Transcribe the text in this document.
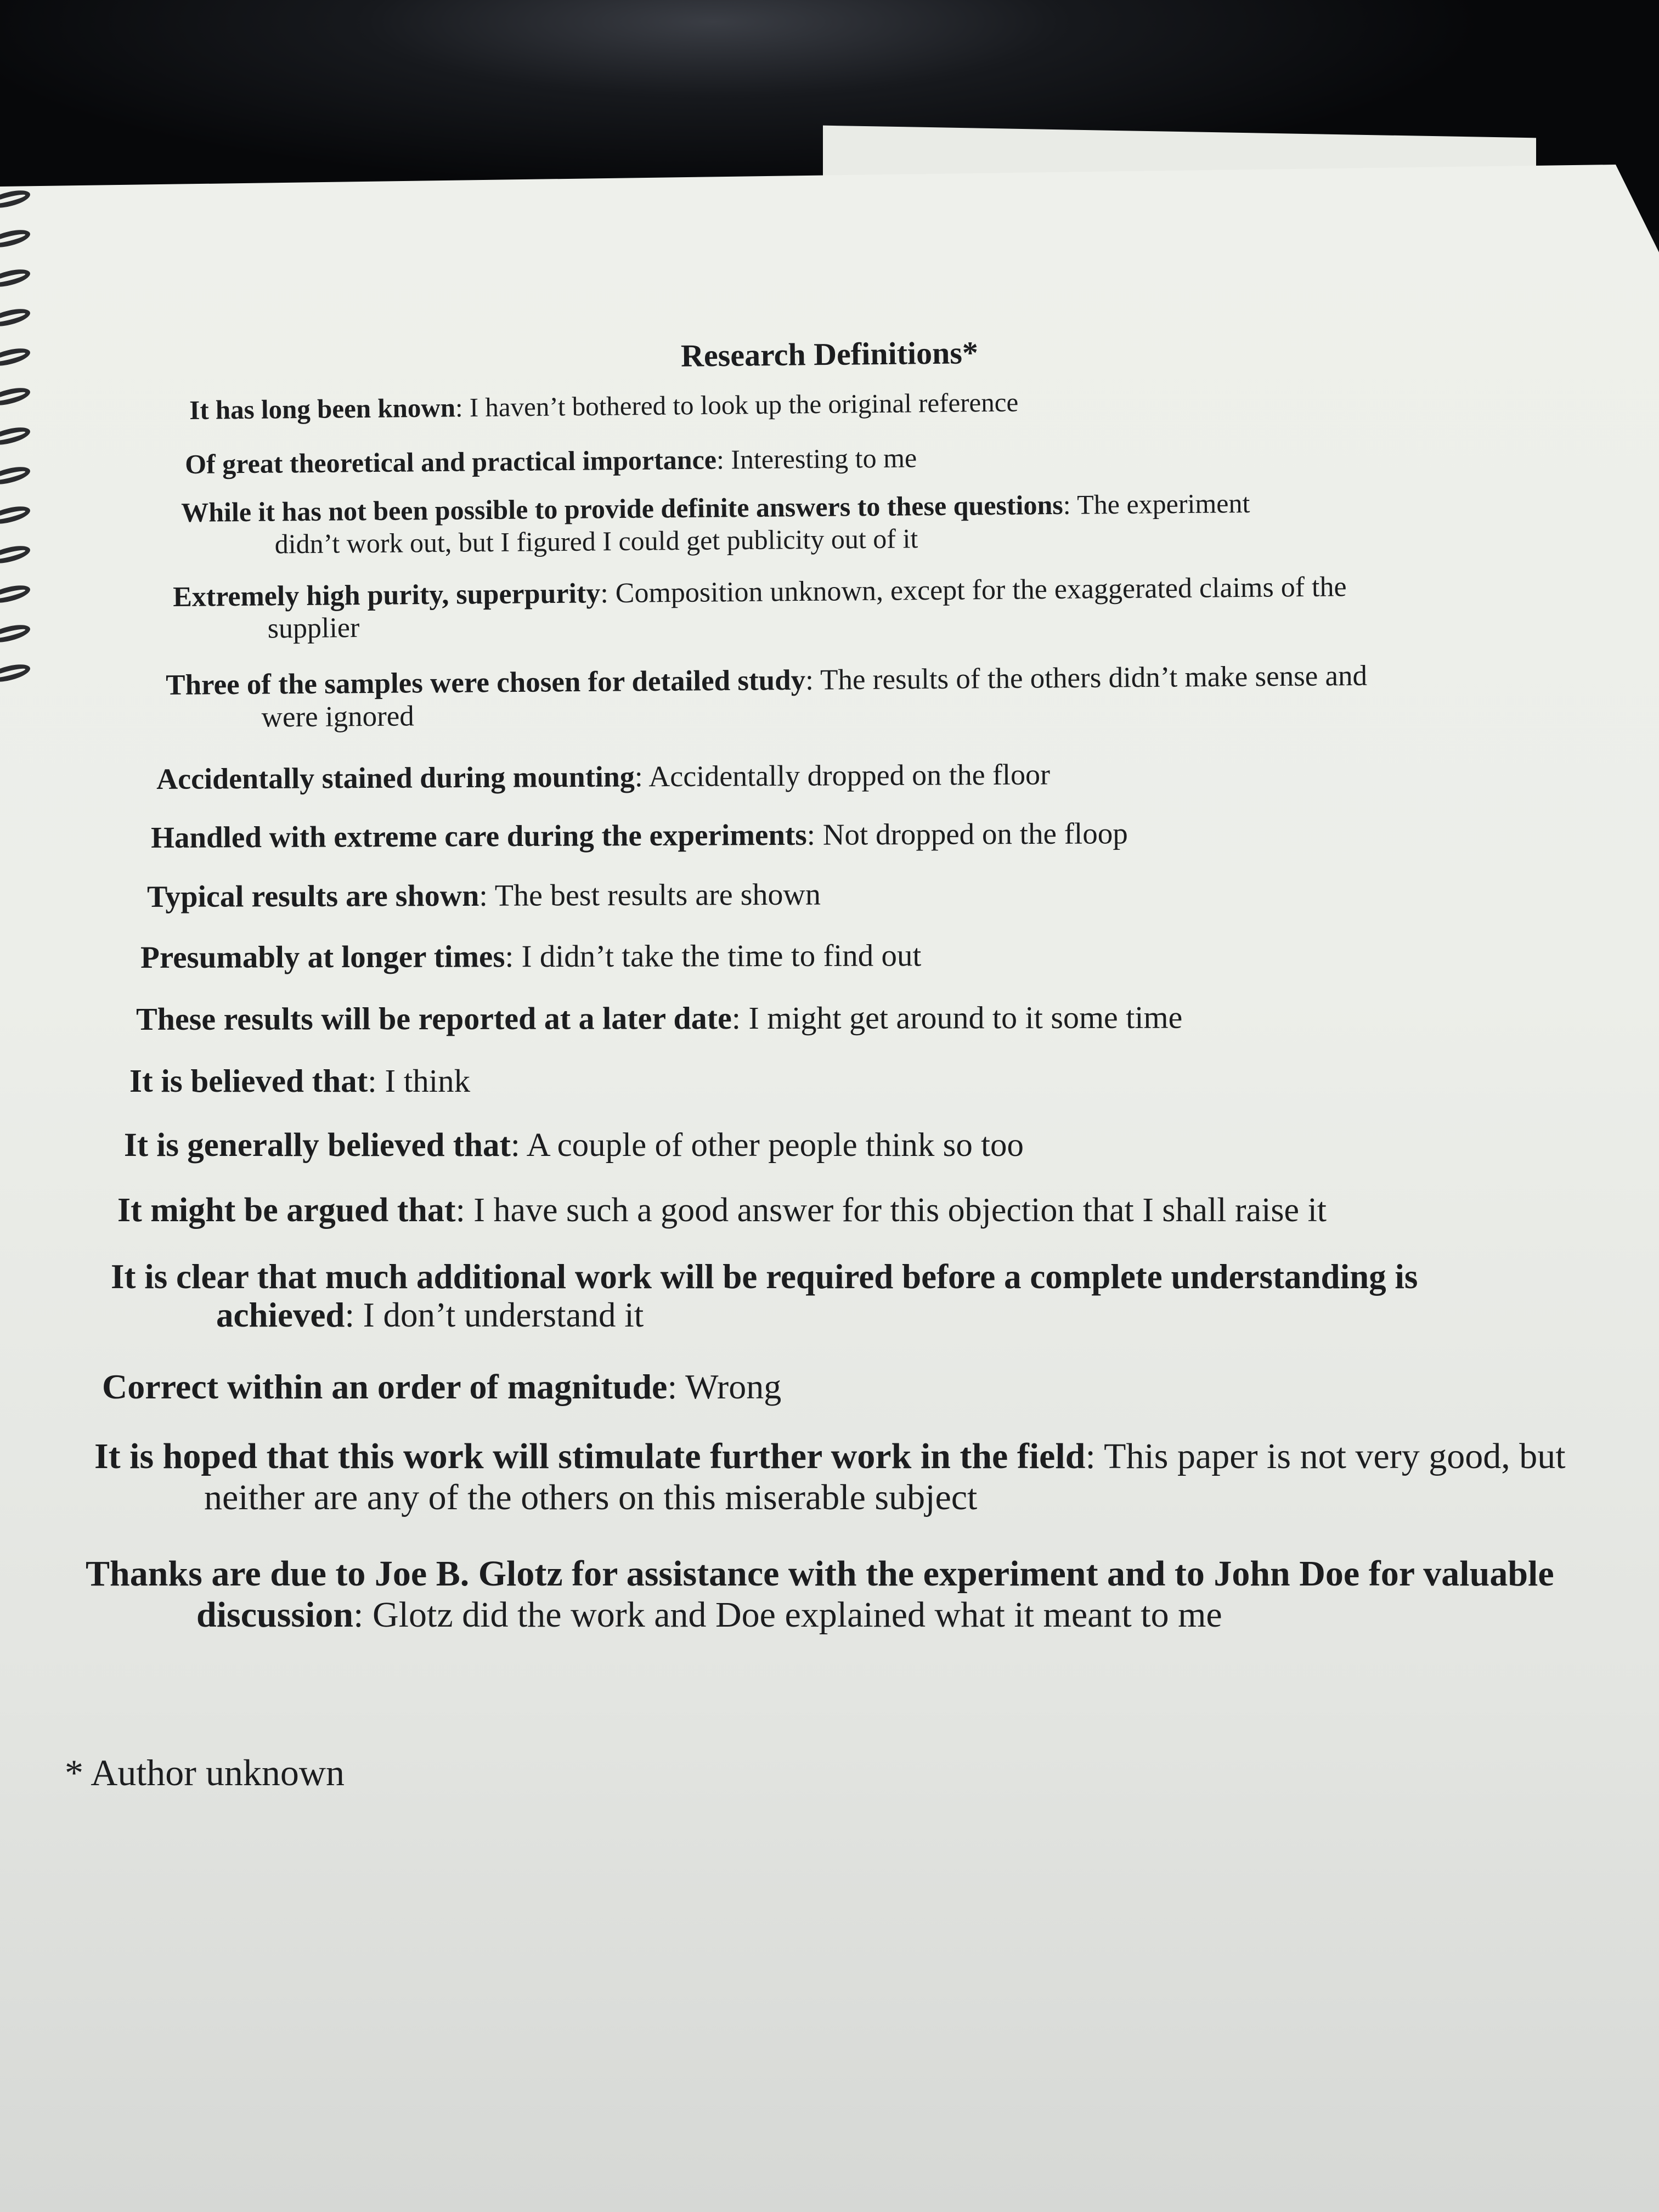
Research Definitions*
It has long been known: I haven’t bothered to look up the original reference
Of great theoretical and practical importance: Interesting to me
While it has not been possible to provide definite answers to these questions: The experiment
didn’t work out, but I figured I could get publicity out of it
Extremely high purity, superpurity: Composition unknown, except for the exaggerated claims of the
supplier
Three of the samples were chosen for detailed study: The results of the others didn’t make sense and
were ignored
Accidentally stained during mounting: Accidentally dropped on the floor
Handled with extreme care during the experiments: Not dropped on the floop
Typical results are shown: The best results are shown
Presumably at longer times: I didn’t take the time to find out
These results will be reported at a later date: I might get around to it some time
It is believed that: I think
It is generally believed that: A couple of other people think so too
It might be argued that: I have such a good answer for this objection that I shall raise it
It is clear that much additional work will be required before a complete understanding is
achieved: I don’t understand it
Correct within an order of magnitude: Wrong
It is hoped that this work will stimulate further work in the field: This paper is not very good, but
neither are any of the others on this miserable subject
Thanks are due to Joe B. Glotz for assistance with the experiment and to John Doe for valuable
discussion: Glotz did the work and Doe explained what it meant to me
* Author unknown
